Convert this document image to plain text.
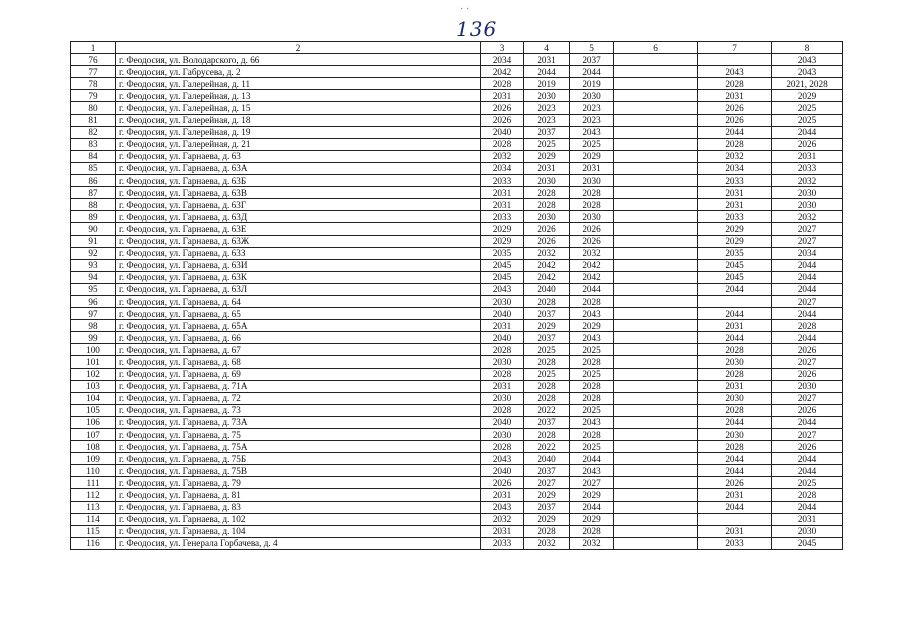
· ·
136
1	2	3	4	5	6	7	8
76	г. Феодосия, ул. Володарского, д. 66	2034	2031	2037			2043
77	г. Феодосия, ул. Габрусева, д. 2	2042	2044	2044		2043	2043
78	г. Феодосия, ул. Галерейная, д. 11	2028	2019	2019		2028	2021, 2028
79	г. Феодосия, ул. Галерейная, д. 13	2031	2030	2030		2031	2029
80	г. Феодосия, ул. Галерейная, д. 15	2026	2023	2023		2026	2025
81	г. Феодосия, ул. Галерейная, д. 18	2026	2023	2023		2026	2025
82	г. Феодосия, ул. Галерейная, д. 19	2040	2037	2043		2044	2044
83	г. Феодосия, ул. Галерейная, д. 21	2028	2025	2025		2028	2026
84	г. Феодосия, ул. Гарнаева, д. 63	2032	2029	2029		2032	2031
85	г. Феодосия, ул. Гарнаева, д. 63А	2034	2031	2031		2034	2033
86	г. Феодосия, ул. Гарнаева, д. 63Б	2033	2030	2030		2033	2032
87	г. Феодосия, ул. Гарнаева, д. 63В	2031	2028	2028		2031	2030
88	г. Феодосия, ул. Гарнаева, д. 63Г	2031	2028	2028		2031	2030
89	г. Феодосия, ул. Гарнаева, д. 63Д	2033	2030	2030		2033	2032
90	г. Феодосия, ул. Гарнаева, д. 63Е	2029	2026	2026		2029	2027
91	г. Феодосия, ул. Гарнаева, д. 63Ж	2029	2026	2026		2029	2027
92	г. Феодосия, ул. Гарнаева, д. 63З	2035	2032	2032		2035	2034
93	г. Феодосия, ул. Гарнаева, д. 63И	2045	2042	2042		2045	2044
94	г. Феодосия, ул. Гарнаева, д. 63К	2045	2042	2042		2045	2044
95	г. Феодосия, ул. Гарнаева, д. 63Л	2043	2040	2044		2044	2044
96	г. Феодосия, ул. Гарнаева, д. 64	2030	2028	2028			2027
97	г. Феодосия, ул. Гарнаева, д. 65	2040	2037	2043		2044	2044
98	г. Феодосия, ул. Гарнаева, д. 65А	2031	2029	2029		2031	2028
99	г. Феодосия, ул. Гарнаева, д. 66	2040	2037	2043		2044	2044
100	г. Феодосия, ул. Гарнаева, д. 67	2028	2025	2025		2028	2026
101	г. Феодосия, ул. Гарнаева, д. 68	2030	2028	2028		2030	2027
102	г. Феодосия, ул. Гарнаева, д. 69	2028	2025	2025		2028	2026
103	г. Феодосия, ул. Гарнаева, д. 71А	2031	2028	2028		2031	2030
104	г. Феодосия, ул. Гарнаева, д. 72	2030	2028	2028		2030	2027
105	г. Феодосия, ул. Гарнаева, д. 73	2028	2022	2025		2028	2026
106	г. Феодосия, ул. Гарнаева, д. 73А	2040	2037	2043		2044	2044
107	г. Феодосия, ул. Гарнаева, д. 75	2030	2028	2028		2030	2027
108	г. Феодосия, ул. Гарнаева, д. 75А	2028	2022	2025		2028	2026
109	г. Феодосия, ул. Гарнаева, д. 75Б	2043	2040	2044		2044	2044
110	г. Феодосия, ул. Гарнаева, д. 75В	2040	2037	2043		2044	2044
111	г. Феодосия, ул. Гарнаева, д. 79	2026	2027	2027		2026	2025
112	г. Феодосия, ул. Гарнаева, д. 81	2031	2029	2029		2031	2028
113	г. Феодосия, ул. Гарнаева, д. 83	2043	2037	2044		2044	2044
114	г. Феодосия, ул. Гарнаева, д. 102	2032	2029	2029			2031
115	г. Феодосия, ул. Гарнаева, д. 104	2031	2028	2028		2031	2030
116	г. Феодосия, ул. Генерала Горбачева, д. 4	2033	2032	2032		2033	2045
